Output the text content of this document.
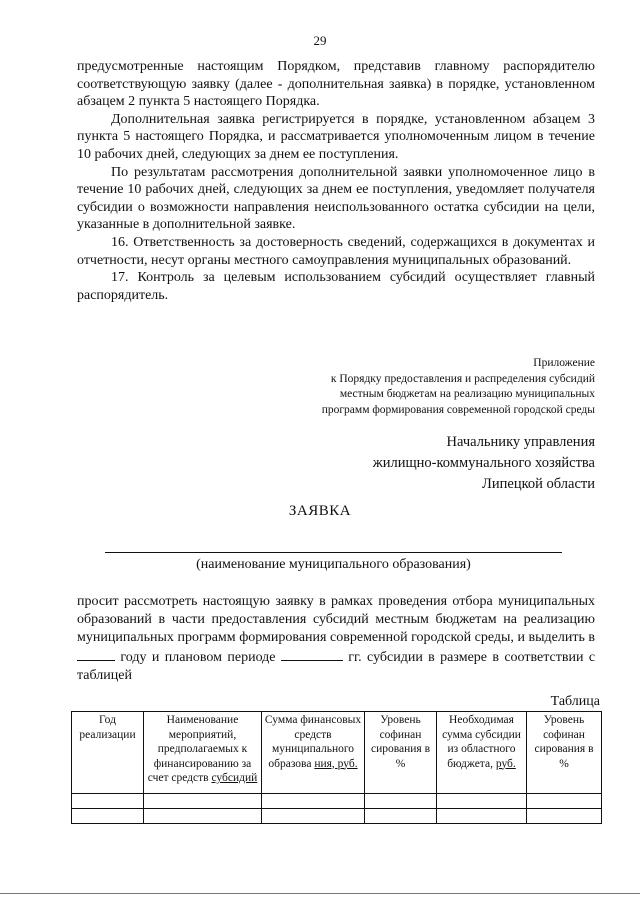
29

предусмотренные настоящим Порядком, представив главному распорядителю соответствующую заявку (далее - дополнительная заявка) в порядке, установленном абзацем 2 пункта 5 настоящего Порядка.

Дополнительная заявка регистрируется в порядке, установленном абзацем 3 пункта 5 настоящего Порядка, и рассматривается уполномоченным лицом в течение 10 рабочих дней, следующих за днем ее поступления.

По результатам рассмотрения дополнительной заявки уполномоченное лицо в течение 10 рабочих дней, следующих за днем ее поступления, уведомляет получателя субсидии о возможности направления неиспользованного остатка субсидии на цели, указанные в дополнительной заявке.

16. Ответственность за достоверность сведений, содержащихся в документах и отчетности, несут органы местного самоуправления муниципальных образований.

17. Контроль за целевым использованием субсидий осуществляет главный распорядитель.

Приложение
к Порядку предоставления и распределения субсидий
местным бюджетам на реализацию муниципальных
программ формирования современной городской среды
Начальнику управления
жилищно-коммунального хозяйства
Липецкой области
ЗАЯВКА
(наименование муниципального образования)
просит рассмотреть настоящую заявку в рамках проведения отбора муниципальных образований в части предоставления субсидий местным бюджетам на реализацию муниципальных программ формирования современной городской среды, и выделить в  году и плановом периоде	гг. субсидии в размере в соответствии с таблицей
Таблица
Год реализации	Наименование мероприятий, предполагаемых к финансированию за счет средств субсидий	Сумма финансовых средств муниципального образова ния, руб.	Уровень софинан сирования в %	Необходимая сумма субсидии из областного бюджета, руб.	Уровень софинан сирования в %
